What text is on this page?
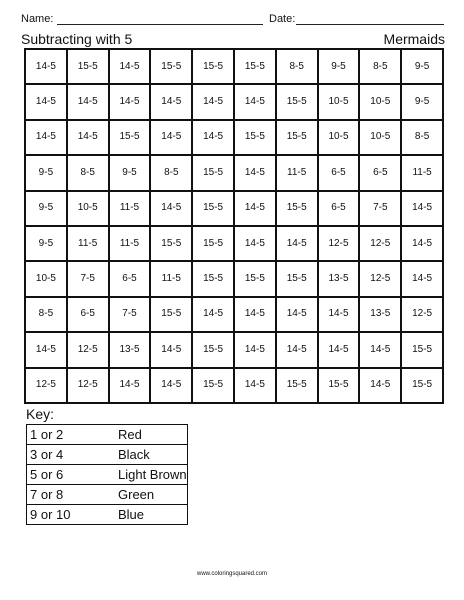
Name:	Date:
Subtracting with 5	Mermaids
14-5	15-5	14-5	15-5	15-5	15-5	8-5	9-5	8-5	9-5
14-5	14-5	14-5	14-5	14-5	14-5	15-5	10-5	10-5	9-5
14-5	14-5	15-5	14-5	14-5	15-5	15-5	10-5	10-5	8-5
9-5	8-5	9-5	8-5	15-5	14-5	11-5	6-5	6-5	11-5
9-5	10-5	11-5	14-5	15-5	14-5	15-5	6-5	7-5	14-5
9-5	11-5	11-5	15-5	15-5	14-5	14-5	12-5	12-5	14-5
10-5	7-5	6-5	11-5	15-5	15-5	15-5	13-5	12-5	14-5
8-5	6-5	7-5	15-5	14-5	14-5	14-5	14-5	13-5	12-5
14-5	12-5	13-5	14-5	15-5	14-5	14-5	14-5	14-5	15-5
12-5	12-5	14-5	14-5	15-5	14-5	15-5	15-5	14-5	15-5
Key:
1 or 2	Red
3 or 4	Black
5 or 6	Light Brown
7 or 8	Green
9 or 10	Blue
www.coloringsquared.com
